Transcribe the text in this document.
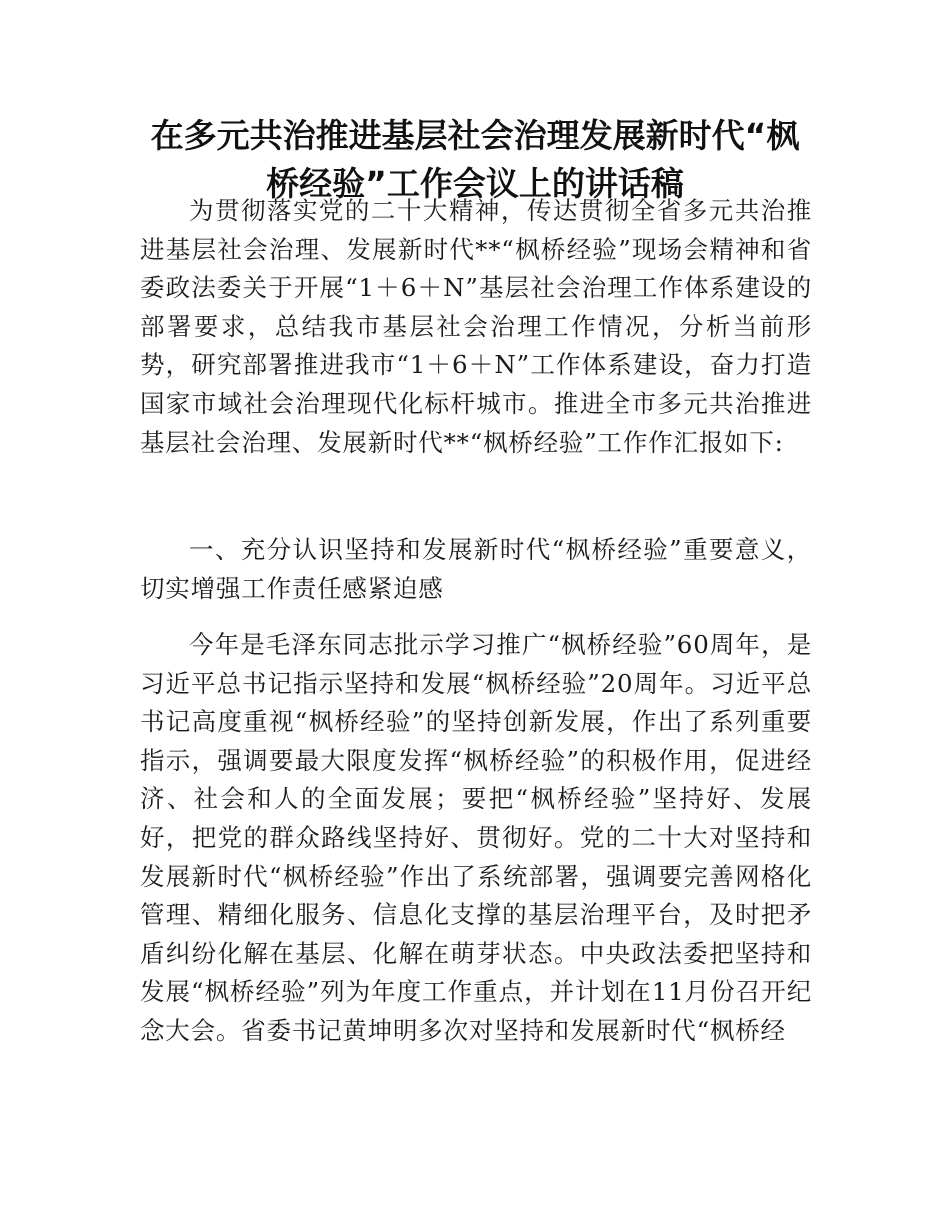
在多元共治推进基层社会治理发展新时代“枫桥经验”工作会议上的讲话稿

为贯彻落实党的二十大精神，传达贯彻全省多元共治推进基层社会治理、发展新时代**“枫桥经验”现场会精神和省委政法委关于开展“1＋6＋N”基层社会治理工作体系建设的部署要求，总结我市基层社会治理工作情况，分析当前形势，研究部署推进我市“1＋6＋N”工作体系建设，奋力打造国家市域社会治理现代化标杆城市。推进全市多元共治推进基层社会治理、发展新时代**“枫桥经验”工作作汇报如下:

一、充分认识坚持和发展新时代“枫桥经验”重要意义，切实增强工作责任感紧迫感

今年是毛泽东同志批示学习推广“枫桥经验”60周年，是习近平总书记指示坚持和发展“枫桥经验”20周年。习近平总书记高度重视“枫桥经验”的坚持创新发展，作出了系列重要指示，强调要最大限度发挥“枫桥经验”的积极作用，促进经济、社会和人的全面发展；要把“枫桥经验”坚持好、发展好，把党的群众路线坚持好、贯彻好。党的二十大对坚持和发展新时代“枫桥经验”作出了系统部署，强调要完善网格化管理、精细化服务、信息化支撑的基层治理平台，及时把矛盾纠纷化解在基层、化解在萌芽状态。中央政法委把坚持和发展“枫桥经验”列为年度工作重点，并计划在11月份召开纪念大会。省委书记黄坤明多次对坚持和发展新时代“枫桥经
